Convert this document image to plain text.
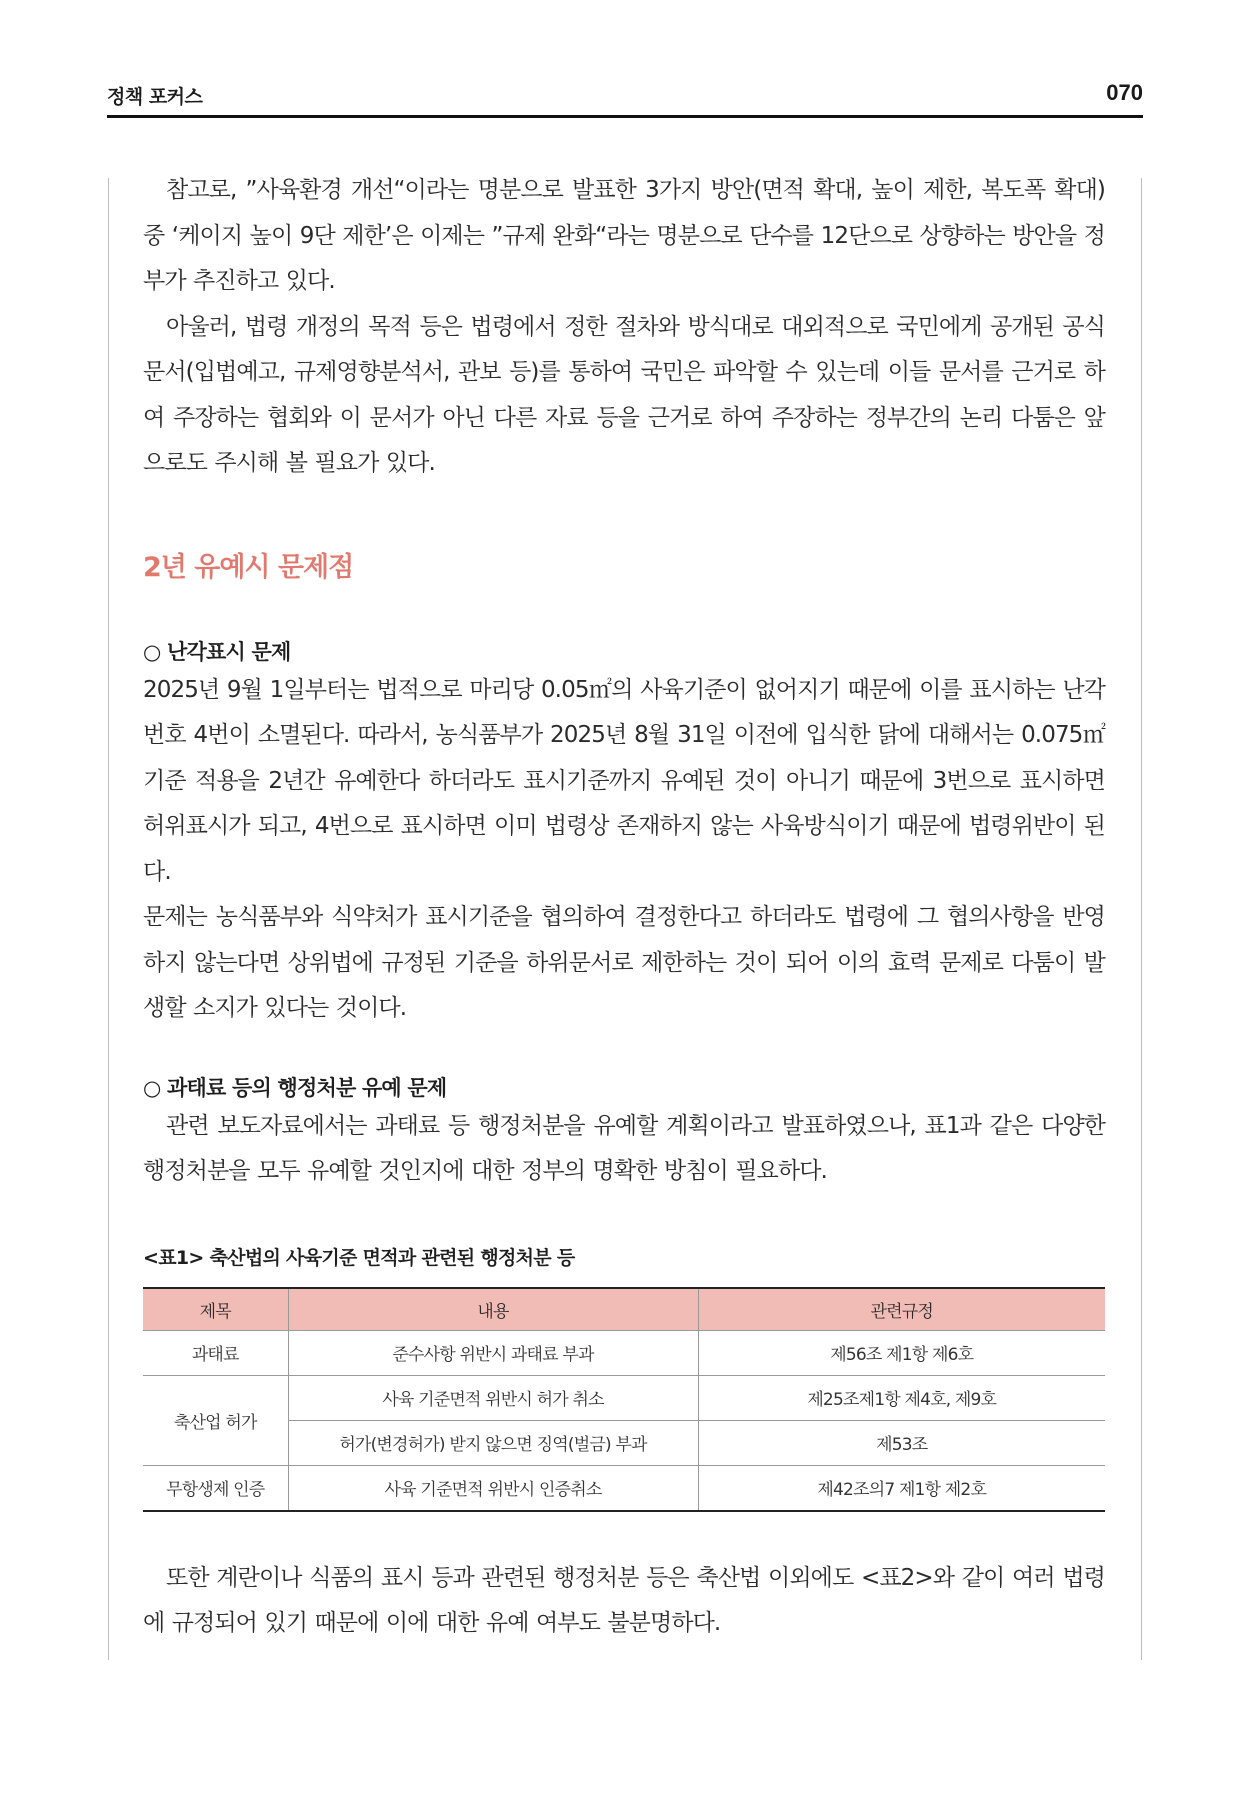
정책 포커스	070

참고로, ”사육환경 개선“이라는 명분으로 발표한 3가지 방안(면적 확대, 높이 제한, 복도폭 확대) 중 ‘케이지 높이 9단 제한’은 이제는 ”규제 완화“라는 명분으로 단수를 12단으로 상향하는 방안을 정부가 추진하고 있다.

아울러, 법령 개정의 목적 등은 법령에서 정한 절차와 방식대로 대외적으로 국민에게 공개된 공식문서(입법예고, 규제영향분석서, 관보 등)를 통하여 국민은 파악할 수 있는데 이들 문서를 근거로 하여 주장하는 협회와 이 문서가 아닌 다른 자료 등을 근거로 하여 주장하는 정부간의 논리 다툼은 앞으로도 주시해 볼 필요가 있다.

2년 유예시 문제점
○ 난각표시 문제

2025년 9월 1일부터는 법적으로 마리당 0.05㎡의 사육기준이 없어지기 때문에 이를 표시하는 난각번호 4번이 소멸된다. 따라서, 농식품부가 2025년 8월 31일 이전에 입식한 닭에 대해서는 0.075㎡ 기준 적용을 2년간 유예한다 하더라도 표시기준까지 유예된 것이 아니기 때문에 3번으로 표시하면 허위표시가 되고, 4번으로 표시하면 이미 법령상 존재하지 않는 사육방식이기 때문에 법령위반이 된다.

문제는 농식품부와 식약처가 표시기준을 협의하여 결정한다고 하더라도 법령에 그 협의사항을 반영하지 않는다면 상위법에 규정된 기준을 하위문서로 제한하는 것이 되어 이의 효력 문제로 다툼이 발생할 소지가 있다는 것이다.

○ 과태료 등의 행정처분 유예 문제

관련 보도자료에서는 과태료 등 행정처분을 유예할 계획이라고 발표하였으나, 표1과 같은 다양한 행정처분을 모두 유예할 것인지에 대한 정부의 명확한 방침이 필요하다.

<표1> 축산법의 사육기준 면적과 관련된 행정처분 등
제목	내용	관련규정
과태료	준수사항 위반시 과태료 부과	제56조 제1항 제6호
축산업 허가	사육 기준면적 위반시 허가 취소	제25조제1항 제4호, 제9호
	허가(변경허가) 받지 않으면 징역(벌금) 부과	제53조
무항생제 인증	사육 기준면적 위반시 인증취소	제42조의7 제1항 제2호

또한 계란이나 식품의 표시 등과 관련된 행정처분 등은 축산법 이외에도 <표2>와 같이 여러 법령에 규정되어 있기 때문에 이에 대한 유예 여부도 불분명하다.
